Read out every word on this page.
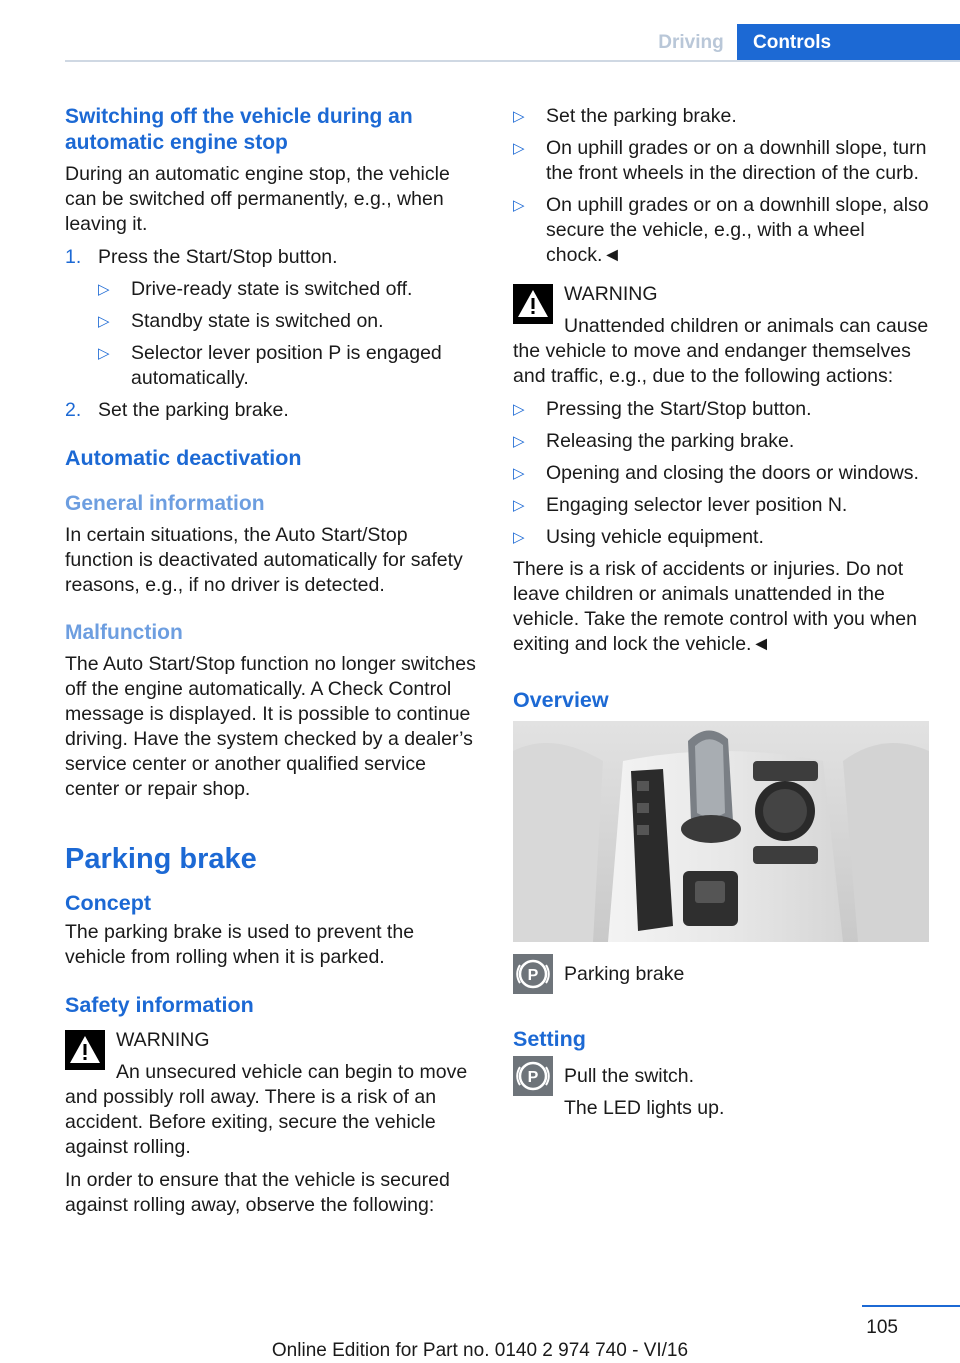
Driving	Controls
Switching off the vehicle during an automatic engine stop

During an automatic engine stop, the vehicle can be switched off permanently, e.g., when leaving it.

1. Press the Start/Stop button.
▷ Drive-ready state is switched off.
▷ Standby state is switched on.
▷ Selector lever position P is engaged automatically.
2. Set the parking brake.
Automatic deactivation
General information

In certain situations, the Auto Start/Stop function is deactivated automatically for safety reasons, e.g., if no driver is detected.

Malfunction

The Auto Start/Stop function no longer switches off the engine automatically. A Check Control message is displayed. It is possible to continue driving. Have the system checked by a dealer’s service center or another qualified service center or repair shop.

Parking brake
Concept

The parking brake is used to prevent the vehicle from rolling when it is parked.

Safety information
WARNING

An unsecured vehicle can begin to move and possibly roll away. There is a risk of an accident. Before exiting, secure the vehicle against rolling.

In order to ensure that the vehicle is secured against rolling away, observe the following:

▷ Set the parking brake.
▷ On uphill grades or on a downhill slope, turn the front wheels in the direction of the curb.
▷ On uphill grades or on a downhill slope, also secure the vehicle, e.g., with a wheel chock.◄
WARNING

Unattended children or animals can cause the vehicle to move and endanger themselves and traffic, e.g., due to the following actions:

▷ Pressing the Start/Stop button.
▷ Releasing the parking brake.
▷ Opening and closing the doors or windows.
▷ Engaging selector lever position N.
▷ Using vehicle equipment.

There is a risk of accidents or injuries. Do not leave children or animals unattended in the vehicle. Take the remote control with you when exiting and lock the vehicle.◄

Overview
P Parking brake
Setting
P Pull the switch.
The LED lights up.
105
Online Edition for Part no. 0140 2 974 740 - VI/16
